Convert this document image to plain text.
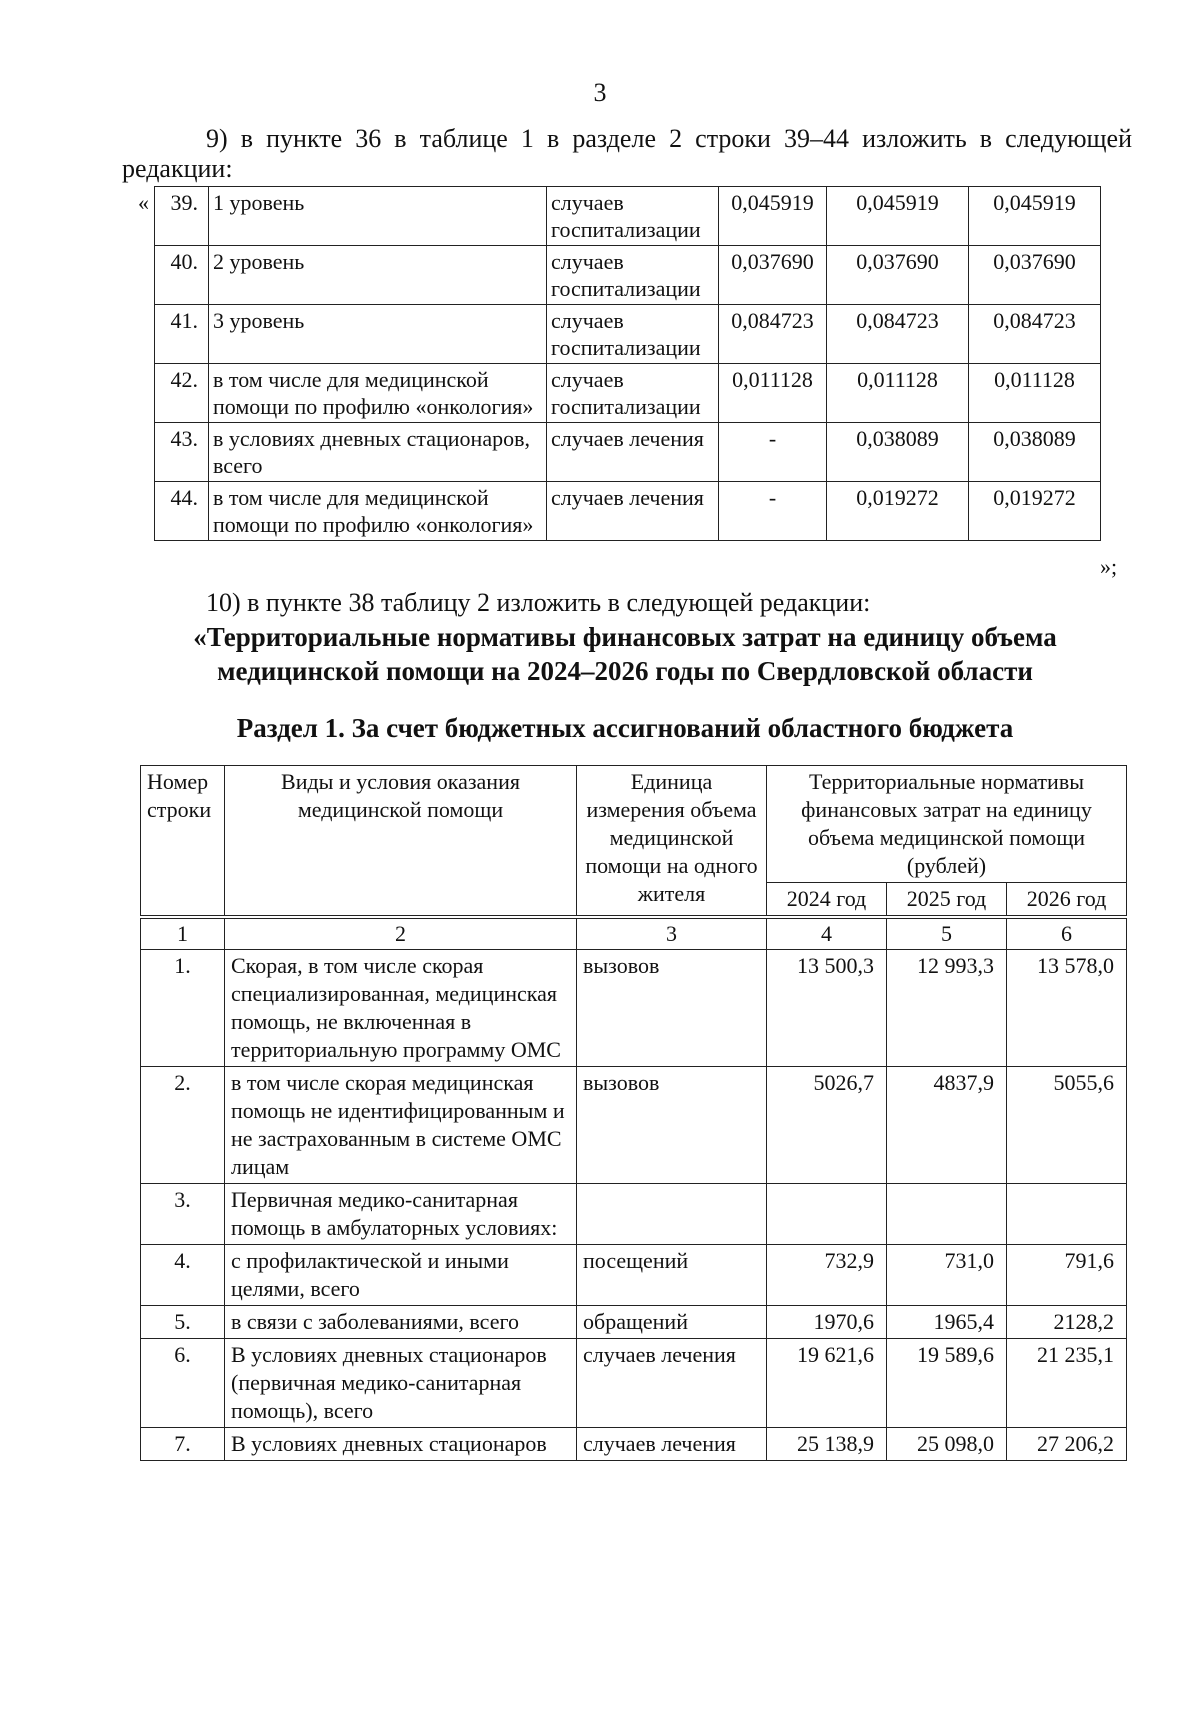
3

9) в пункте 36 в таблице 1 в разделе 2 строки 39–44 изложить в следующей редакции:

« 39.	1 уровень	случаев госпитализации	0,045919	0,045919	0,045919
40.	2 уровень	случаев госпитализации	0,037690	0,037690	0,037690
41.	3 уровень	случаев госпитализации	0,084723	0,084723	0,084723
42.	в том числе для медицинской помощи по профилю «онкология»	случаев госпитализации	0,011128	0,011128	0,011128
43.	в условиях дневных стационаров, всего	случаев лечения	-	0,038089	0,038089
44.	в том числе для медицинской помощи по профилю «онкология»	случаев лечения	-	0,019272	0,019272
»;

10) в пункте 38 таблицу 2 изложить в следующей редакции:

«Территориальные нормативы финансовых затрат на единицу объема медицинской помощи на 2024–2026 годы по Свердловской области
Раздел 1. За счет бюджетных ассигнований областного бюджета
Номер строки	Виды и условия оказания медицинской помощи	Единица измерения объема медицинской помощи на одного жителя	Территориальные нормативы финансовых затрат на единицу объема медицинской помощи (рублей)		
			2024 год	2025 год	2026 год

1	2	3	4	5	6
1.	Скорая, в том числе скорая специализированная, медицинская помощь, не включенная в территориальную программу ОМС	вызовов	13 500,3	12 993,3	13 578,0
2.	в том числе скорая медицинская помощь не идентифицированным и не застрахованным в системе ОМС лицам	вызовов	5026,7	4837,9	5055,6
3.	Первичная медико-санитарная помощь в амбулаторных условиях:				
4.	с профилактической и иными целями, всего	посещений	732,9	731,0	791,6
5.	в связи с заболеваниями, всего	обращений	1970,6	1965,4	2128,2
6.	В условиях дневных стационаров (первичная медико-санитарная помощь), всего	случаев лечения	19 621,6	19 589,6	21 235,1
7.	В условиях дневных стационаров	случаев лечения	25 138,9	25 098,0	27 206,2
